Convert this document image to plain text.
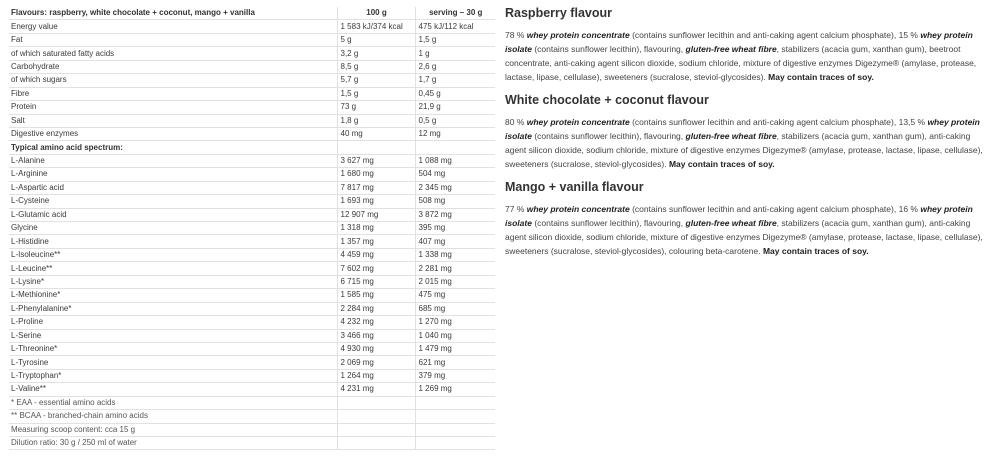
Flavours: raspberry, white chocolate + coconut, mango + vanilla	100 g	serving – 30 g
Energy value	1 583 kJ/374 kcal	475 kJ/112 kcal
Fat	5 g	1,5 g
of which saturated fatty acids	3,2 g	1 g
Carbohydrate	8,5 g	2,6 g
of which sugars	5,7 g	1,7 g
Fibre	1,5 g	0,45 g
Protein	73 g	21,9 g
Salt	1,8 g	0,5 g
Digestive enzymes	40 mg	12 mg
Typical amino acid spectrum:		
L-Alanine	3 627 mg	1 088 mg
L-Arginine	1 680 mg	504 mg
L-Aspartic acid	7 817 mg	2 345 mg
L-Cysteine	1 693 mg	508 mg
L-Glutamic acid	12 907 mg	3 872 mg
Glycine	1 318 mg	395 mg
L-Histidine	1 357 mg	407 mg
L-Isoleucine**	4 459 mg	1 338 mg
L-Leucine**	7 602 mg	2 281 mg
L-Lysine*	6 715 mg	2 015 mg
L-Methionine*	1 585 mg	475 mg
L-Phenylalanine*	2 284 mg	685 mg
L-Proline	4 232 mg	1 270 mg
L-Serine	3 466 mg	1 040 mg
L-Threonine*	4 930 mg	1 479 mg
L-Tyrosine	2 069 mg	621 mg
L-Tryptophan*	1 264 mg	379 mg
L-Valine**	4 231 mg	1 269 mg
* EAA - essential amino acids		
** BCAA - branched-chain amino acids		
Measuring scoop content: cca 15 g		
Dilution ratio: 30 g / 250 ml of water		
Raspberry flavour

78 % whey protein concentrate (contains sunflower lecithin and anti-caking agent calcium phosphate), 15 % whey protein isolate (contains sunflower lecithin), flavouring, gluten-free wheat fibre, stabilizers (acacia gum, xanthan gum), beetroot concentrate, anti-caking agent silicon dioxide, sodium chloride, mixture of digestive enzymes Digezyme® (amylase, protease, lactase, lipase, cellulase), sweeteners (sucralose, steviol-glycosides). May contain traces of soy.

White chocolate + coconut flavour

80 % whey protein concentrate (contains sunflower lecithin and anti-caking agent calcium phosphate), 13,5 % whey protein isolate (contains sunflower lecithin), flavouring, gluten-free wheat fibre, stabilizers (acacia gum, xanthan gum), anti-caking agent silicon dioxide, sodium chloride, mixture of digestive enzymes Digezyme® (amylase, protease, lactase, lipase, cellulase), sweeteners (sucralose, steviol-glycosides). May contain traces of soy.

Mango + vanilla flavour

77 % whey protein concentrate (contains sunflower lecithin and anti-caking agent calcium phosphate), 16 % whey protein isolate (contains sunflower lecithin), flavouring, gluten-free wheat fibre, stabilizers (acacia gum, xanthan gum), anti-caking agent silicon dioxide, sodium chloride, mixture of digestive enzymes Digezyme® (amylase, protease, lactase, lipase, cellulase), sweeteners (sucralose, steviol-glycosides), colouring beta-carotene. May contain traces of soy.
